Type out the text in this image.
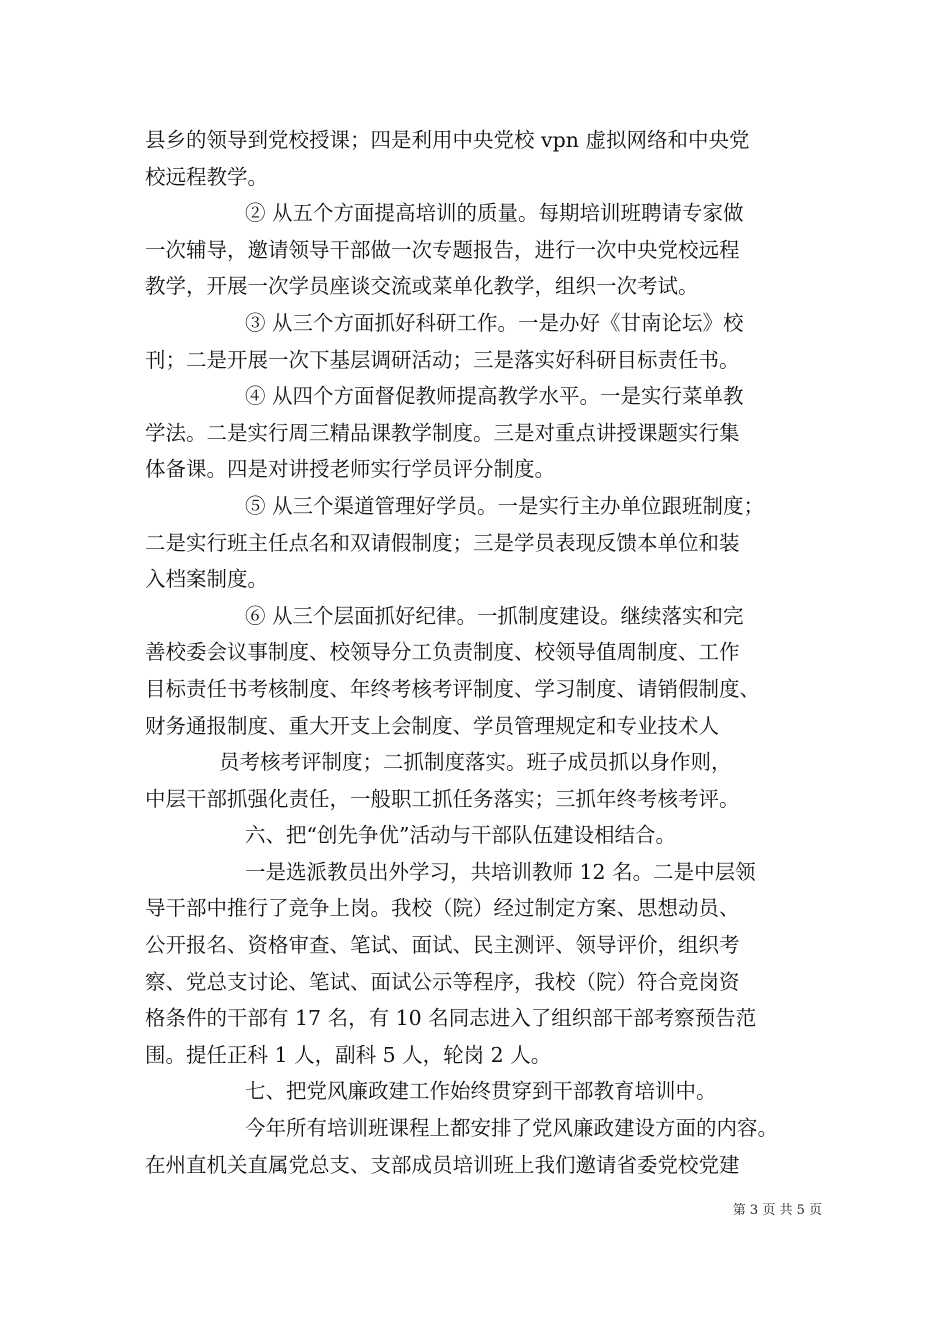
县乡的领导到党校授课；四是利用中央党校 vpn 虚拟网络和中央党
校远程教学。
② 从五个方面提高培训的质量。每期培训班聘请专家做
一次辅导，邀请领导干部做一次专题报告，进行一次中央党校远程
教学，开展一次学员座谈交流或菜单化教学，组织一次考试。
③ 从三个方面抓好科研工作。一是办好《甘南论坛》校
刊；二是开展一次下基层调研活动；三是落实好科研目标责任书。
④ 从四个方面督促教师提高教学水平。一是实行菜单教
学法。二是实行周三精品课教学制度。三是对重点讲授课题实行集
体备课。四是对讲授老师实行学员评分制度。
⑤ 从三个渠道管理好学员。一是实行主办单位跟班制度；
二是实行班主任点名和双请假制度；三是学员表现反馈本单位和装
入档案制度。
⑥ 从三个层面抓好纪律。一抓制度建设。继续落实和完
善校委会议事制度、校领导分工负责制度、校领导值周制度、工作
目标责任书考核制度、年终考核考评制度、学习制度、请销假制度、
财务通报制度、重大开支上会制度、学员管理规定和专业技术人
员考核考评制度；二抓制度落实。班子成员抓以身作则，
中层干部抓强化责任，一般职工抓任务落实；三抓年终考核考评。
六、把“创先争优”活动与干部队伍建设相结合。
一是选派教员出外学习，共培训教师 12 名。二是中层领
导干部中推行了竞争上岗。我校（院）经过制定方案、思想动员、
公开报名、资格审查、笔试、面试、民主测评、领导评价，组织考
察、党总支讨论、笔试、面试公示等程序，我校（院）符合竞岗资
格条件的干部有 17 名，有 10 名同志进入了组织部干部考察预告范
围。提任正科 1 人，副科 5 人，轮岗 2 人。
七、把党风廉政建工作始终贯穿到干部教育培训中。
今年所有培训班课程上都安排了党风廉政建设方面的内容。
在州直机关直属党总支、支部成员培训班上我们邀请省委党校党建
第 3 页 共 5 页
